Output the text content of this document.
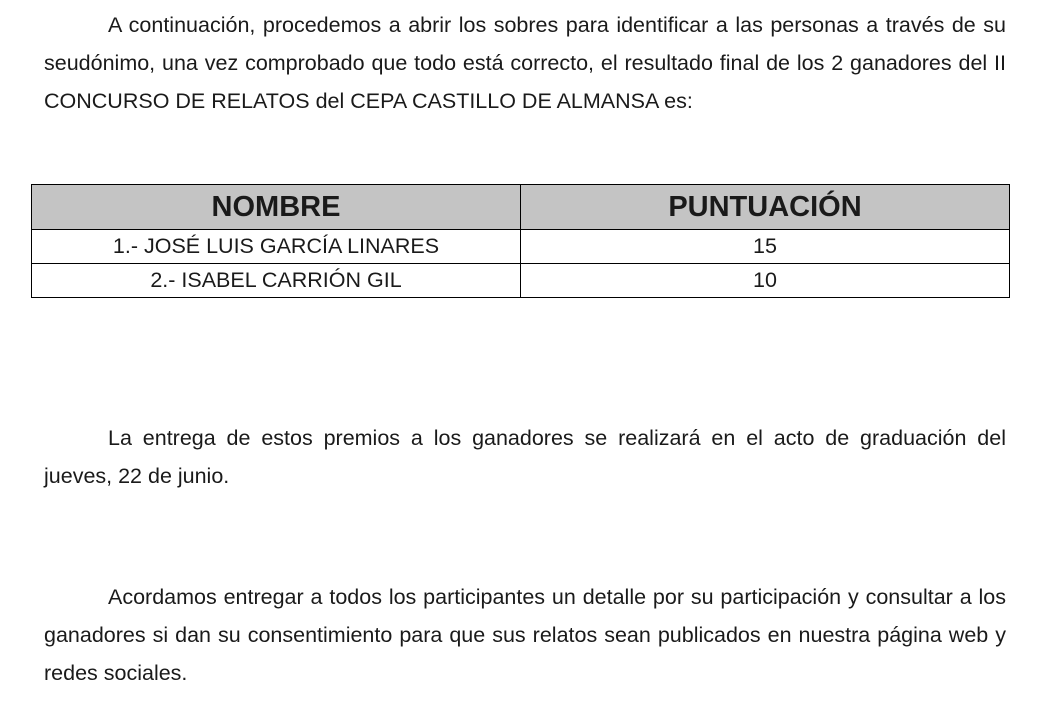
A continuación, procedemos a abrir los sobres para identificar a las personas a través de su seudónimo, una vez comprobado que todo está correcto, el resultado final de los 2 ganadores del II CONCURSO DE RELATOS del CEPA CASTILLO DE ALMANSA es:

NOMBRE	PUNTUACIÓN
1.- JOSÉ LUIS GARCÍA LINARES	15
2.- ISABEL CARRIÓN GIL	10

La entrega de estos premios a los ganadores se realizará en el acto de graduación del jueves, 22 de junio.

Acordamos entregar a todos los participantes un detalle por su participación y consultar a los ganadores si dan su consentimiento para que sus relatos sean publicados en nuestra página web y redes sociales.
